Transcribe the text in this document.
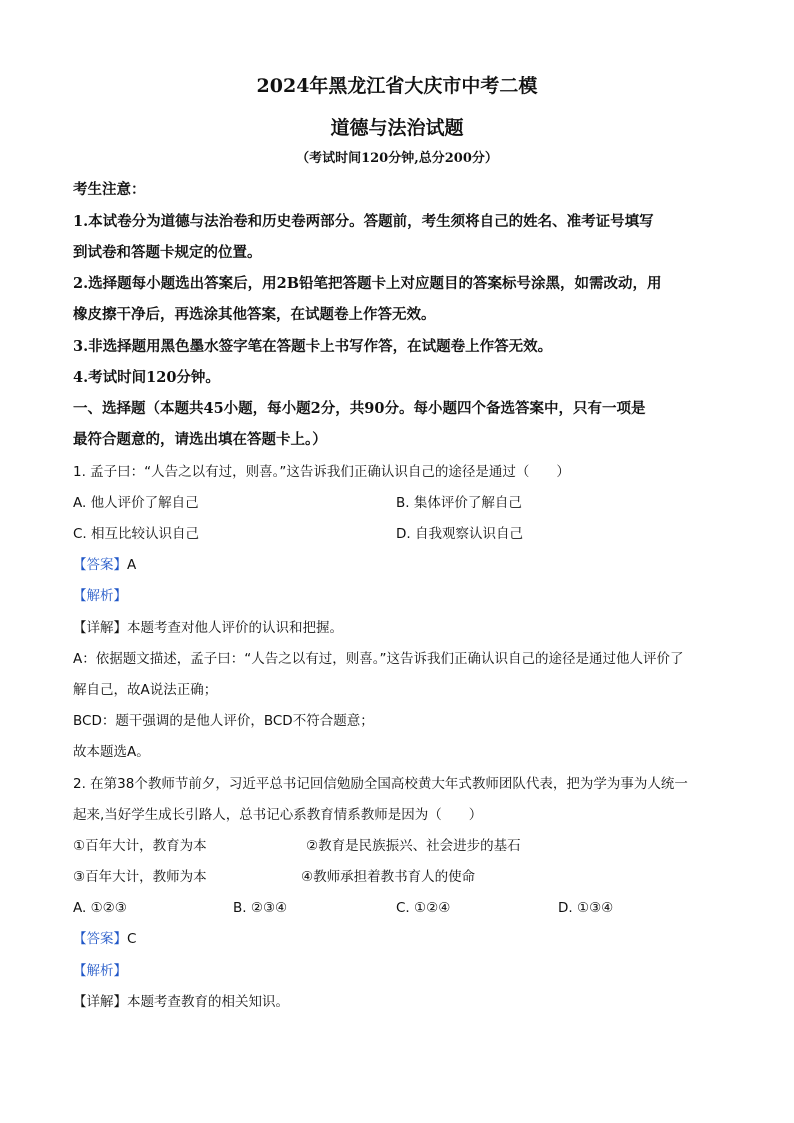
2024年黑龙江省大庆市中考二模
道德与法治试题
（考试时间120分钟,总分200分）
考生注意：
1.本试卷分为道德与法治卷和历史卷两部分。答题前，考生须将自己的姓名、准考证号填写
到试卷和答题卡规定的位置。
2.选择题每小题选出答案后，用2B铅笔把答题卡上对应题目的答案标号涂黑，如需改动，用
橡皮擦干净后，再选涂其他答案，在试题卷上作答无效。
3.非选择题用黑色墨水签字笔在答题卡上书写作答，在试题卷上作答无效。
4.考试时间120分钟。
一、选择题（本题共45小题，每小题2分，共90分。每小题四个备选答案中，只有一项是
最符合题意的，请选出填在答题卡上。）
1. 孟子曰：“人告之以有过，则喜。”这告诉我们正确认识自己的途径是通过（　　）
A. 他人评价了解自己	B. 集体评价了解自己
C. 相互比较认识自己	D. 自我观察认识自己
【答案】A
【解析】
【详解】本题考查对他人评价的认识和把握。
A：依据题文描述，孟子曰：“人告之以有过，则喜。”这告诉我们正确认识自己的途径是通过他人评价了
解自己，故A说法正确；
BCD：题干强调的是他人评价，BCD不符合题意；
故本题选A。
2. 在第38个教师节前夕，习近平总书记回信勉励全国高校黄大年式教师团队代表，把为学为事为人统一
起来,当好学生成长引路人，总书记心系教育情系教师是因为（　　）
①百年大计，教育为本	②教育是民族振兴、社会进步的基石
③百年大计，教师为本	④教师承担着教书育人的使命
A. ①②③	B. ②③④	C. ①②④	D. ①③④
【答案】C
【解析】
【详解】本题考查教育的相关知识。
